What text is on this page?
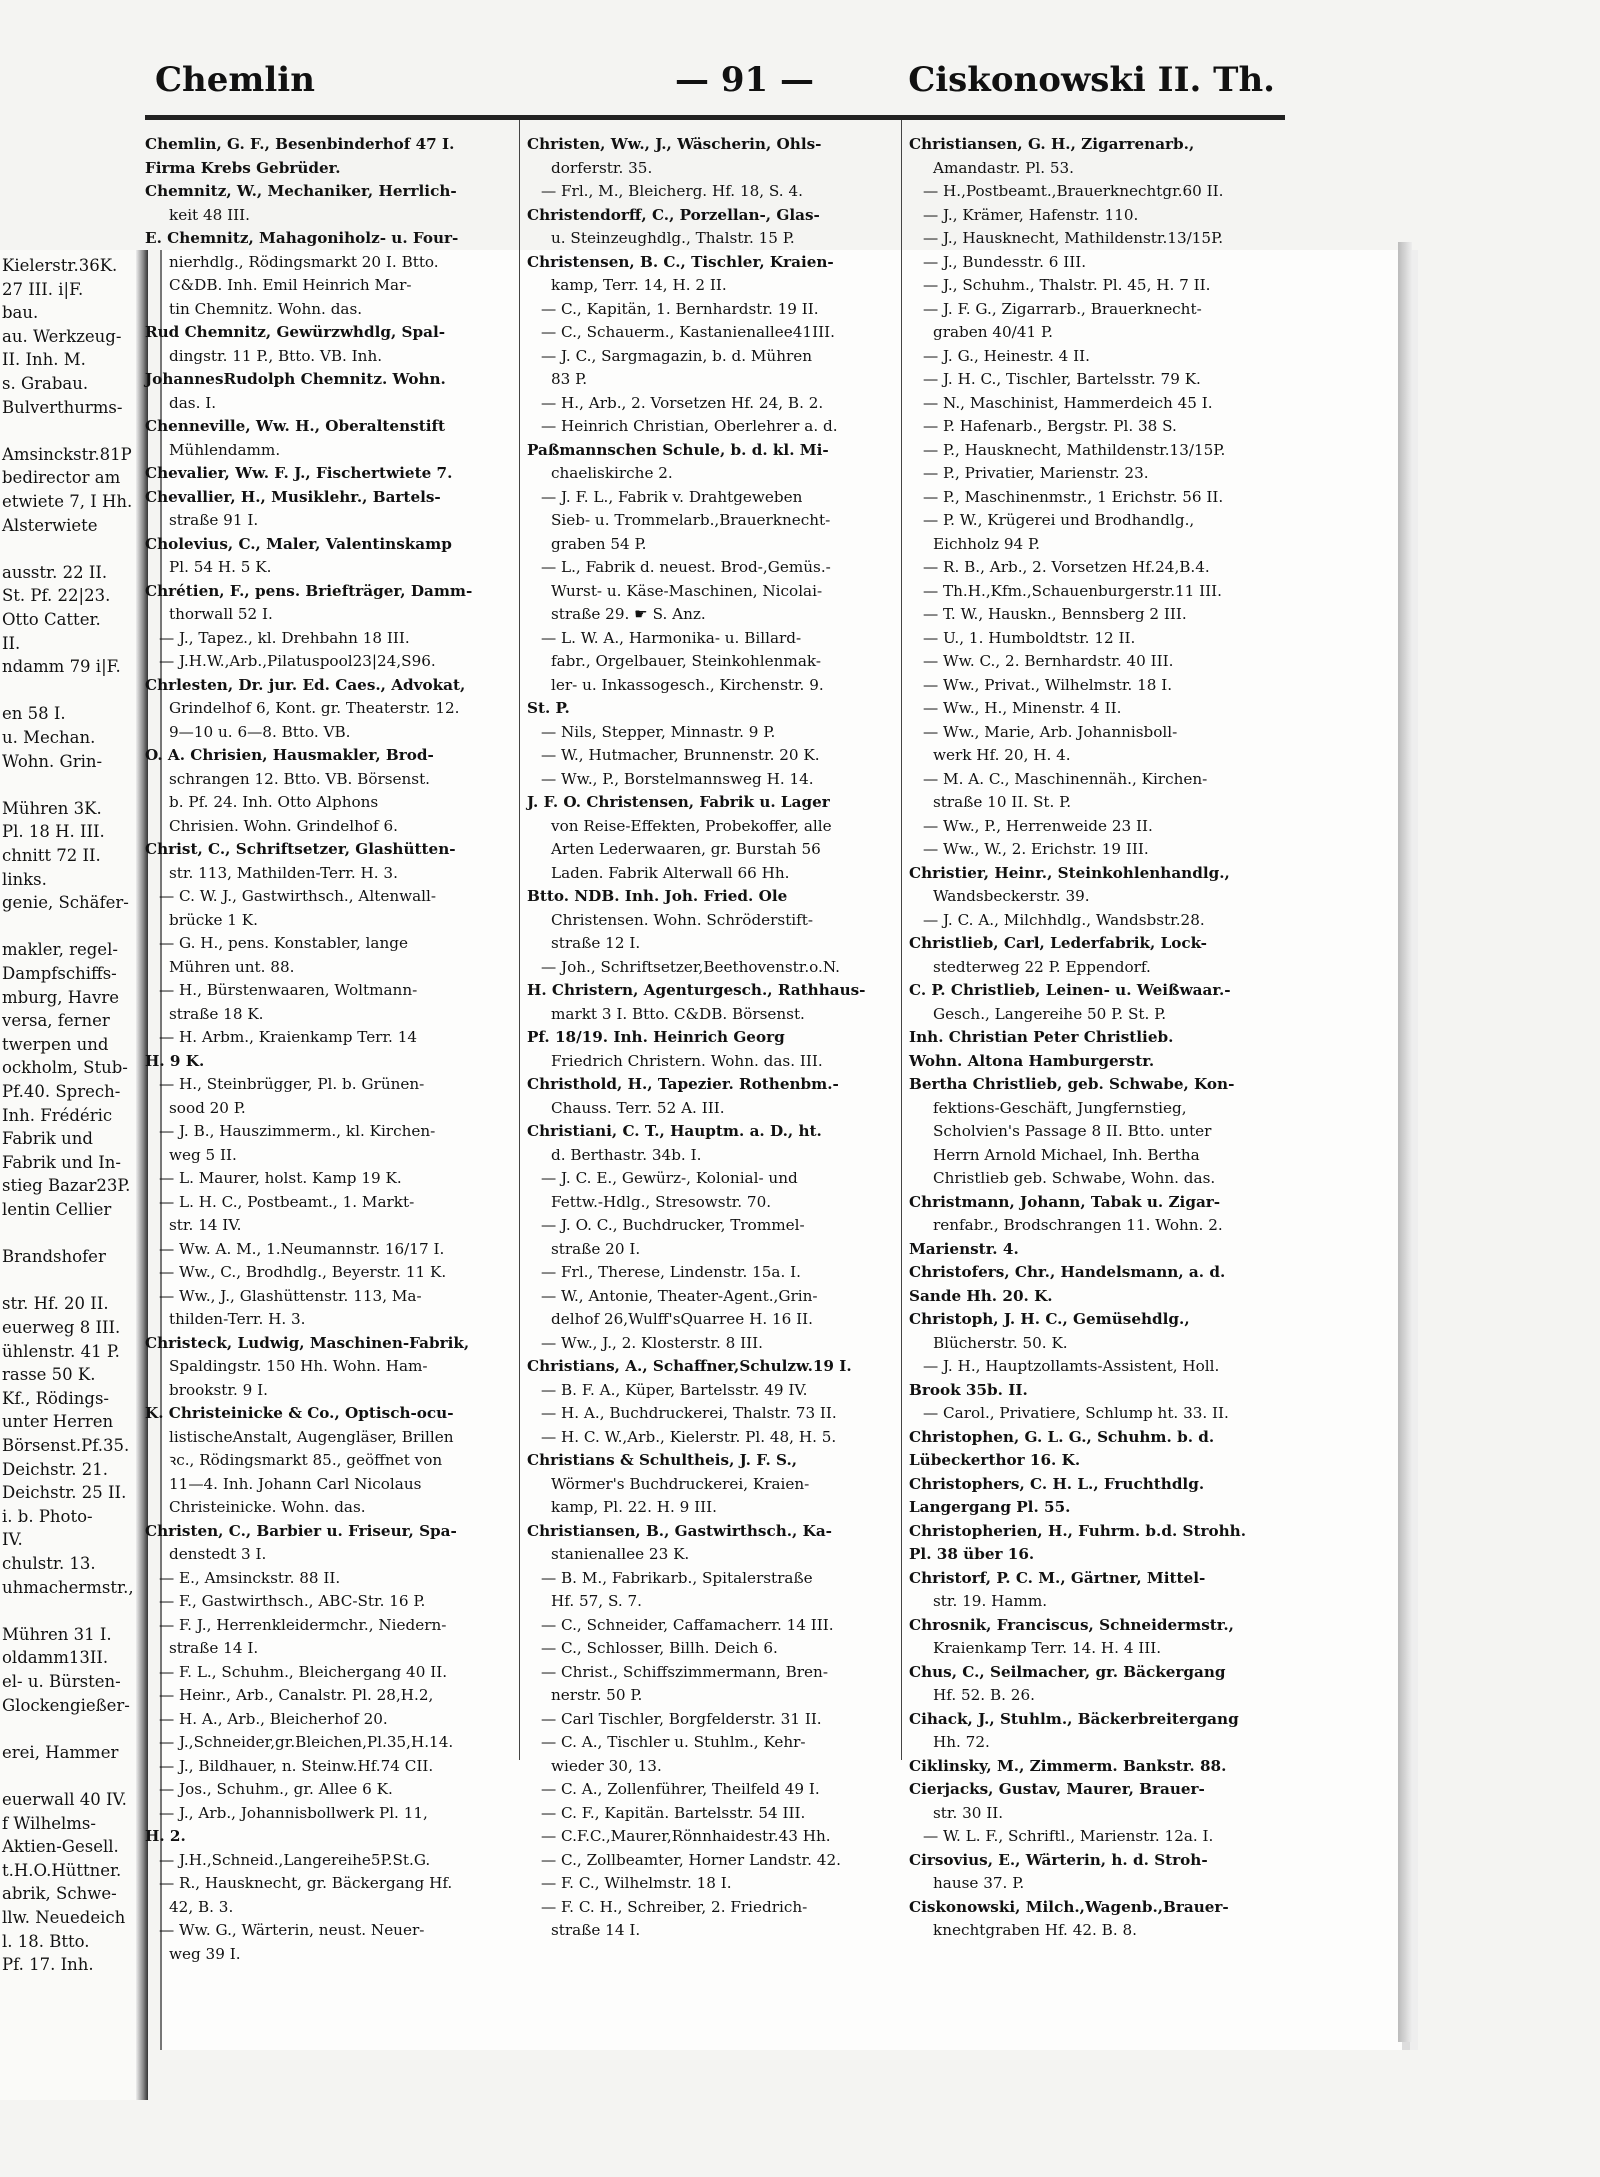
Kielerstr.36K.
27 III. i|F.
bau.
au. Werkzeug-
II. Inh. M.
s. Grabau.
Bulverthurms-
Amsinckstr.81P
bedirector am
etwiete 7, I Hh.
Alsterwiete
ausstr. 22 II.
St. Pf. 22|23.
Otto Catter.
II.
ndamm 79 i|F.
en 58 I.
u. Mechan.
Wohn. Grin-
Mühren 3K.
Pl. 18 H. III.
chnitt 72 II.
links.
genie, Schäfer-
makler, regel-
Dampfschiffs-
mburg, Havre
versa, ferner
twerpen und
ockholm, Stub-
Pf.40. Sprech-
Inh. Frédéric
Fabrik und
Fabrik und In-
stieg Bazar23P.
lentin Cellier
Brandshofer
str. Hf. 20 II.
euerweg 8 III.
ühlenstr. 41 P.
rasse 50 K.
Kf., Rödings-
unter Herren
Börsenst.Pf.35.
Deichstr. 21.
Deichstr. 25 II.
i. b. Photo-
IV.
chulstr. 13.
uhmachermstr.,
Mühren 31 I.
oldamm13II.
el- u. Bürsten-
Glockengießer-
erei, Hammer
euerwall 40 IV.
f Wilhelms-
Aktien-Gesell.
t.H.O.Hüttner.
abrik, Schwe-
llw. Neuedeich
l. 18. Btto.
Pf. 17. Inh.
Chemlin	— 91 —	Ciskonowski II. Th.
Chemlin, G. F., Besenbinderhof 47 I.
Firma Krebs Gebrüder.
Chemnitz, W., Mechaniker, Herrlich-
keit 48 III.
E. Chemnitz, Mahagoniholz- u. Four-
nierhdlg., Rödingsmarkt 20 I. Btto.
C&DB. Inh. Emil Heinrich Mar-
tin Chemnitz. Wohn. das.
Rud Chemnitz, Gewürzwhdlg, Spal-
dingstr. 11 P., Btto. VB. Inh.
JohannesRudolph Chemnitz. Wohn.
das. I.
Chenneville, Ww. H., Oberaltenstift
Mühlendamm.
Chevalier, Ww. F. J., Fischertwiete 7.
Chevallier, H., Musiklehr., Bartels-
straße 91 I.
Cholevius, C., Maler, Valentinskamp
Pl. 54 H. 5 K.
Chrétien, F., pens. Briefträger, Damm-
thorwall 52 I.
— J., Tapez., kl. Drehbahn 18 III.
— J.H.W.,Arb.,Pilatuspool23|24,S96.
Chrlesten, Dr. jur. Ed. Caes., Advokat,
Grindelhof 6, Kont. gr. Theaterstr. 12.
9—10 u. 6—8. Btto. VB.
O. A. Chrisien, Hausmakler, Brod-
schrangen 12. Btto. VB. Börsenst.
b. Pf. 24. Inh. Otto Alphons
Chrisien. Wohn. Grindelhof 6.
Christ, C., Schriftsetzer, Glashütten-
str. 113, Mathilden-Terr. H. 3.
— C. W. J., Gastwirthsch., Altenwall-
brücke 1 K.
— G. H., pens. Konstabler, lange
Mühren unt. 88.
— H., Bürstenwaaren, Woltmann-
straße 18 K.
— H. Arbm., Kraienkamp Terr. 14
H. 9 K.
— H., Steinbrügger, Pl. b. Grünen-
sood 20 P.
— J. B., Hauszimmerm., kl. Kirchen-
weg 5 II.
— L. Maurer, holst. Kamp 19 K.
— L. H. C., Postbeamt., 1. Markt-
str. 14 IV.
— Ww. A. M., 1.Neumannstr. 16/17 I.
— Ww., C., Brodhdlg., Beyerstr. 11 K.
— Ww., J., Glashüttenstr. 113, Ma-
thilden-Terr. H. 3.
Christeck, Ludwig, Maschinen-Fabrik,
Spaldingstr. 150 Hh. Wohn. Ham-
brookstr. 9 I.
K. Christeinicke & Co., Optisch-ocu-
listischeAnstalt, Augengläser, Brillen
ꝛc., Rödingsmarkt 85., geöffnet von
11—4. Inh. Johann Carl Nicolaus
Christeinicke. Wohn. das.
Christen, C., Barbier u. Friseur, Spa-
denstedt 3 I.
— E., Amsinckstr. 88 II.
— F., Gastwirthsch., ABC-Str. 16 P.
— F. J., Herrenkleidermchr., Niedern-
straße 14 I.
— F. L., Schuhm., Bleichergang 40 II.
— Heinr., Arb., Canalstr. Pl. 28,H.2,
— H. A., Arb., Bleicherhof 20.
— J.,Schneider,gr.Bleichen,Pl.35,H.14.
— J., Bildhauer, n. Steinw.Hf.74 CII.
— Jos., Schuhm., gr. Allee 6 K.
— J., Arb., Johannisbollwerk Pl. 11,
H. 2.
— J.H.,Schneid.,Langereihe5P.St.G.
— R., Hausknecht, gr. Bäckergang Hf.
42, B. 3.
— Ww. G., Wärterin, neust. Neuer-
weg 39 I.
Christen, Ww., J., Wäscherin, Ohls-
dorferstr. 35.
— Frl., M., Bleicherg. Hf. 18, S. 4.
Christendorff, C., Porzellan-, Glas-
u. Steinzeughdlg., Thalstr. 15 P.
Christensen, B. C., Tischler, Kraien-
kamp, Terr. 14, H. 2 II.
— C., Kapitän, 1. Bernhardstr. 19 II.
— C., Schauerm., Kastanienallee41III.
— J. C., Sargmagazin, b. d. Mühren
83 P.
— H., Arb., 2. Vorsetzen Hf. 24, B. 2.
— Heinrich Christian, Oberlehrer a. d.
Paßmannschen Schule, b. d. kl. Mi-
chaeliskirche 2.
— J. F. L., Fabrik v. Drahtgeweben
Sieb- u. Trommelarb.,Brauerknecht-
graben 54 P.
— L., Fabrik d. neuest. Brod-,Gemüs.-
Wurst- u. Käse-Maschinen, Nicolai-
straße 29. ☛ S. Anz.
— L. W. A., Harmonika- u. Billard-
fabr., Orgelbauer, Steinkohlenmak-
ler- u. Inkassogesch., Kirchenstr. 9.
St. P.
— Nils, Stepper, Minnastr. 9 P.
— W., Hutmacher, Brunnenstr. 20 K.
— Ww., P., Borstelmannsweg H. 14.
J. F. O. Christensen, Fabrik u. Lager
von Reise-Effekten, Probekoffer, alle
Arten Lederwaaren, gr. Burstah 56
Laden. Fabrik Alterwall 66 Hh.
Btto. NDB. Inh. Joh. Fried. Ole
Christensen. Wohn. Schröderstift-
straße 12 I.
— Joh., Schriftsetzer,Beethovenstr.o.N.
H. Christern, Agenturgesch., Rathhaus-
markt 3 I. Btto. C&DB. Börsenst.
Pf. 18/19. Inh. Heinrich Georg
Friedrich Christern. Wohn. das. III.
Christhold, H., Tapezier. Rothenbm.-
Chauss. Terr. 52 A. III.
Christiani, C. T., Hauptm. a. D., ht.
d. Berthastr. 34b. I.
— J. C. E., Gewürz-, Kolonial- und
Fettw.-Hdlg., Stresowstr. 70.
— J. O. C., Buchdrucker, Trommel-
straße 20 I.
— Frl., Therese, Lindenstr. 15a. I.
— W., Antonie, Theater-Agent.,Grin-
delhof 26,Wulff'sQuarree H. 16 II.
— Ww., J., 2. Klosterstr. 8 III.
Christians, A., Schaffner,Schulzw.19 I.
— B. F. A., Küper, Bartelsstr. 49 IV.
— H. A., Buchdruckerei, Thalstr. 73 II.
— H. C. W.,Arb., Kielerstr. Pl. 48, H. 5.
Christians & Schultheis, J. F. S.,
Wörmer's Buchdruckerei, Kraien-
kamp, Pl. 22. H. 9 III.
Christiansen, B., Gastwirthsch., Ka-
stanienallee 23 K.
— B. M., Fabrikarb., Spitalerstraße
Hf. 57, S. 7.
— C., Schneider, Caffamacherr. 14 III.
— C., Schlosser, Billh. Deich 6.
— Christ., Schiffszimmermann, Bren-
nerstr. 50 P.
— Carl Tischler, Borgfelderstr. 31 II.
— C. A., Tischler u. Stuhlm., Kehr-
wieder 30, 13.
— C. A., Zollenführer, Theilfeld 49 I.
— C. F., Kapitän. Bartelsstr. 54 III.
— C.F.C.,Maurer,Rönnhaidestr.43 Hh.
— C., Zollbeamter, Horner Landstr. 42.
— F. C., Wilhelmstr. 18 I.
— F. C. H., Schreiber, 2. Friedrich-
straße 14 I.
Christiansen, G. H., Zigarrenarb.,
Amandastr. Pl. 53.
— H.,Postbeamt.,Brauerknechtgr.60 II.
— J., Krämer, Hafenstr. 110.
— J., Hausknecht, Mathildenstr.13/15P.
— J., Bundesstr. 6 III.
— J., Schuhm., Thalstr. Pl. 45, H. 7 II.
— J. F. G., Zigarrarb., Brauerknecht-
graben 40/41 P.
— J. G., Heinestr. 4 II.
— J. H. C., Tischler, Bartelsstr. 79 K.
— N., Maschinist, Hammerdeich 45 I.
— P. Hafenarb., Bergstr. Pl. 38 S.
— P., Hausknecht, Mathildenstr.13/15P.
— P., Privatier, Marienstr. 23.
— P., Maschinenmstr., 1 Erichstr. 56 II.
— P. W., Krügerei und Brodhandlg.,
Eichholz 94 P.
— R. B., Arb., 2. Vorsetzen Hf.24,B.4.
— Th.H.,Kfm.,Schauenburgerstr.11 III.
— T. W., Hauskn., Bennsberg 2 III.
— U., 1. Humboldtstr. 12 II.
— Ww. C., 2. Bernhardstr. 40 III.
— Ww., Privat., Wilhelmstr. 18 I.
— Ww., H., Minenstr. 4 II.
— Ww., Marie, Arb. Johannisboll-
werk Hf. 20, H. 4.
— M. A. C., Maschinennäh., Kirchen-
straße 10 II. St. P.
— Ww., P., Herrenweide 23 II.
— Ww., W., 2. Erichstr. 19 III.
Christier, Heinr., Steinkohlenhandlg.,
Wandsbeckerstr. 39.
— J. C. A., Milchhdlg., Wandsbstr.28.
Christlieb, Carl, Lederfabrik, Lock-
stedterweg 22 P. Eppendorf.
C. P. Christlieb, Leinen- u. Weißwaar.-
Gesch., Langereihe 50 P. St. P.
Inh. Christian Peter Christlieb.
Wohn. Altona Hamburgerstr.
Bertha Christlieb, geb. Schwabe, Kon-
fektions-Geschäft, Jungfernstieg,
Scholvien's Passage 8 II. Btto. unter
Herrn Arnold Michael, Inh. Bertha
Christlieb geb. Schwabe, Wohn. das.
Christmann, Johann, Tabak u. Zigar-
renfabr., Brodschrangen 11. Wohn. 2.
Marienstr. 4.
Christofers, Chr., Handelsmann, a. d.
Sande Hh. 20. K.
Christoph, J. H. C., Gemüsehdlg.,
Blücherstr. 50. K.
— J. H., Hauptzollamts-Assistent, Holl.
Brook 35b. II.
— Carol., Privatiere, Schlump ht. 33. II.
Christophen, G. L. G., Schuhm. b. d.
Lübeckerthor 16. K.
Christophers, C. H. L., Fruchthdlg.
Langergang Pl. 55.
Christopherien, H., Fuhrm. b.d. Strohh.
Pl. 38 über 16.
Christorf, P. C. M., Gärtner, Mittel-
str. 19. Hamm.
Chrosnik, Franciscus, Schneidermstr.,
Kraienkamp Terr. 14. H. 4 III.
Chus, C., Seilmacher, gr. Bäckergang
Hf. 52. B. 26.
Cihack, J., Stuhlm., Bäckerbreitergang
Hh. 72.
Ciklinsky, M., Zimmerm. Bankstr. 88.
Cierjacks, Gustav, Maurer, Brauer-
str. 30 II.
— W. L. F., Schriftl., Marienstr. 12a. I.
Cirsovius, E., Wärterin, h. d. Stroh-
hause 37. P.
Ciskonowski, Milch.,Wagenb.,Brauer-
knechtgraben Hf. 42. B. 8.
